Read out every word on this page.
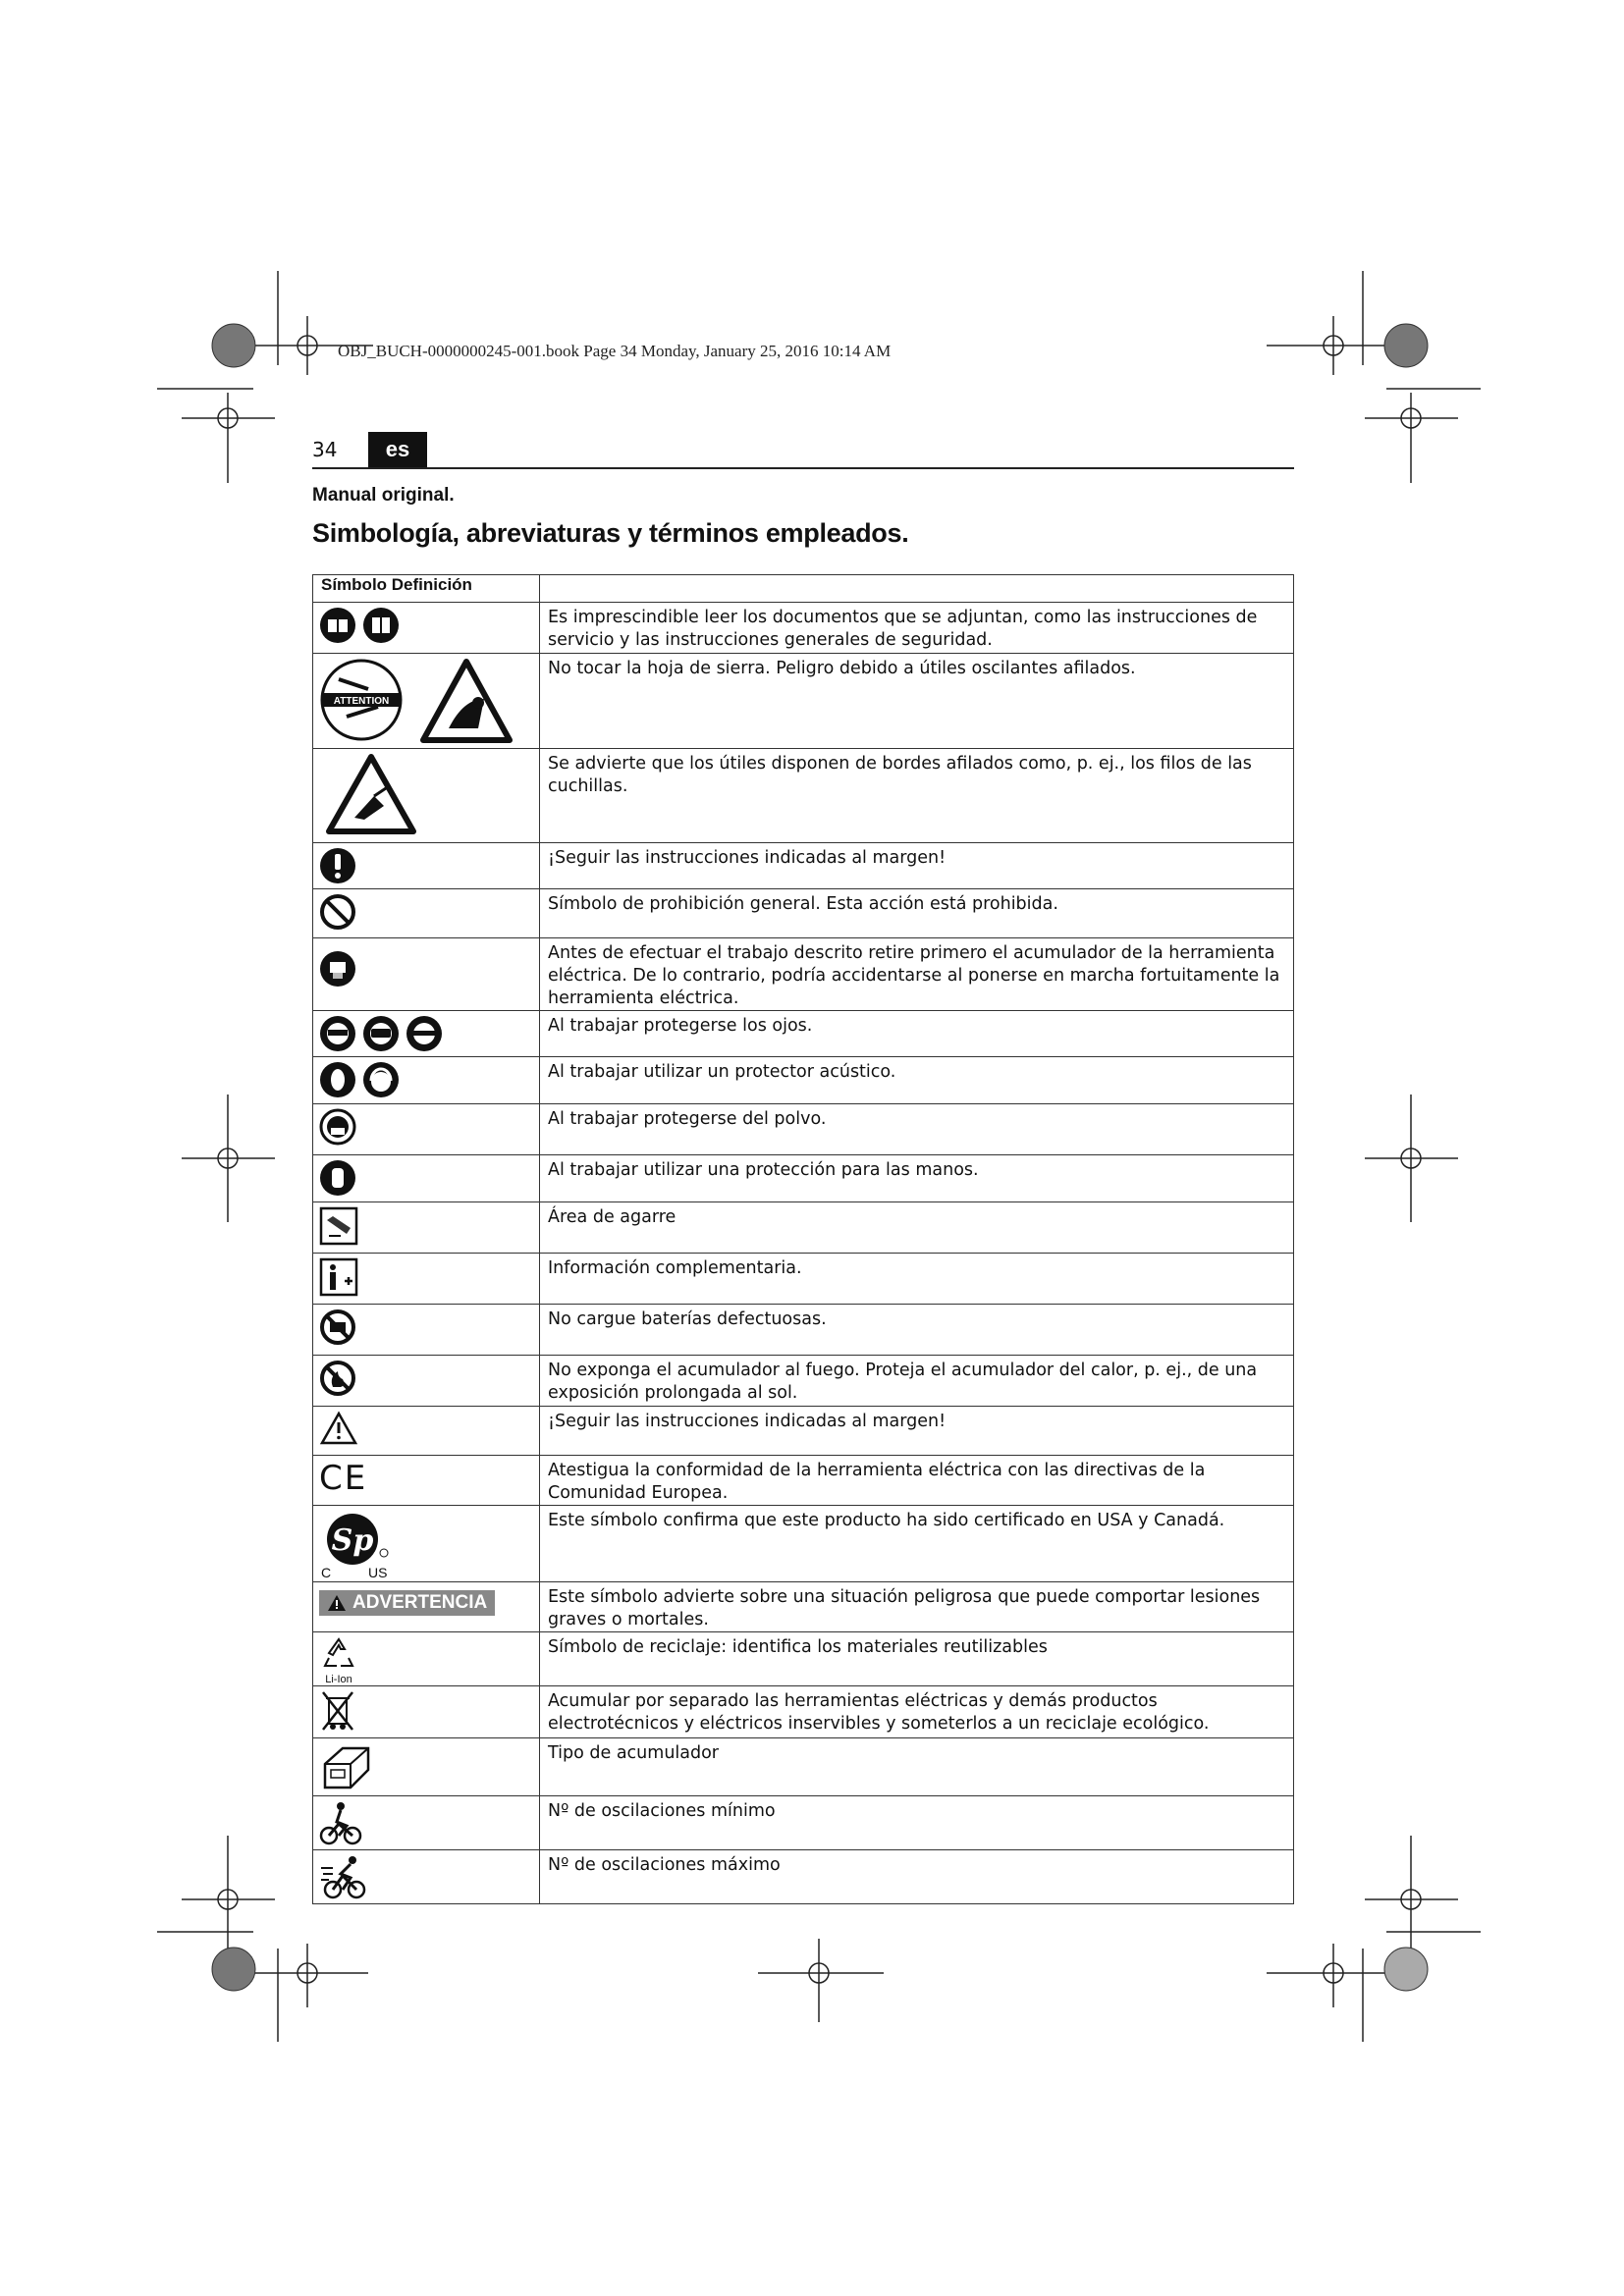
OBJ_BUCH-0000000245-001.book Page 34 Monday, January 25, 2016 10:14 AM
34	es
Manual original.
Simbología, abreviaturas y términos empleados.
Símbolo Definición	

	Es imprescindible leer los documentos que se adjuntan, como las instrucciones de servicio y las instrucciones generales de seguridad.

ATTENTION	No tocar la hoja de sierra. Peligro debido a útiles oscilantes afilados.

	Se advierte que los útiles disponen de bordes afilados como, p. ej., los filos de las cuchillas.
	¡Seguir las instrucciones indicadas al margen!
	Símbolo de prohibición general. Esta acción está prohibida.
	Antes de efectuar el trabajo descrito retire primero el acumulador de la herramienta eléctrica. De lo contrario, podría accidentarse al ponerse en marcha fortuitamente la herramienta eléctrica.

	Al trabajar protegerse los ojos.

	Al trabajar utilizar un protector acústico.
	Al trabajar protegerse del polvo.
	Al trabajar utilizar una protección para las manos.
	Área de agarre
	Información complementaria.
	No cargue baterías defectuosas.
	No exponga el acumulador al fuego. Proteja el acumulador del calor, p. ej., de una exposición prolongada al sol.
	¡Seguir las instrucciones indicadas al margen!
CE	Atestigua la conformidad de la herramienta eléctrica con las directivas de la Comunidad Europea.

Sp
C US	Este símbolo confirma que este producto ha sido certificado en USA y Canadá.

ADVERTENCIA	Este símbolo advierte sobre una situación peligrosa que puede comportar lesiones graves o mortales.

Li-Ion	Símbolo de reciclaje: identifica los materiales reutilizables
	Acumular por separado las herramientas eléctricas y demás productos electrotécnicos y eléctricos inservibles y someterlos a un reciclaje ecológico.
	Tipo de acumulador
	Nº de oscilaciones mínimo
	Nº de oscilaciones máximo
